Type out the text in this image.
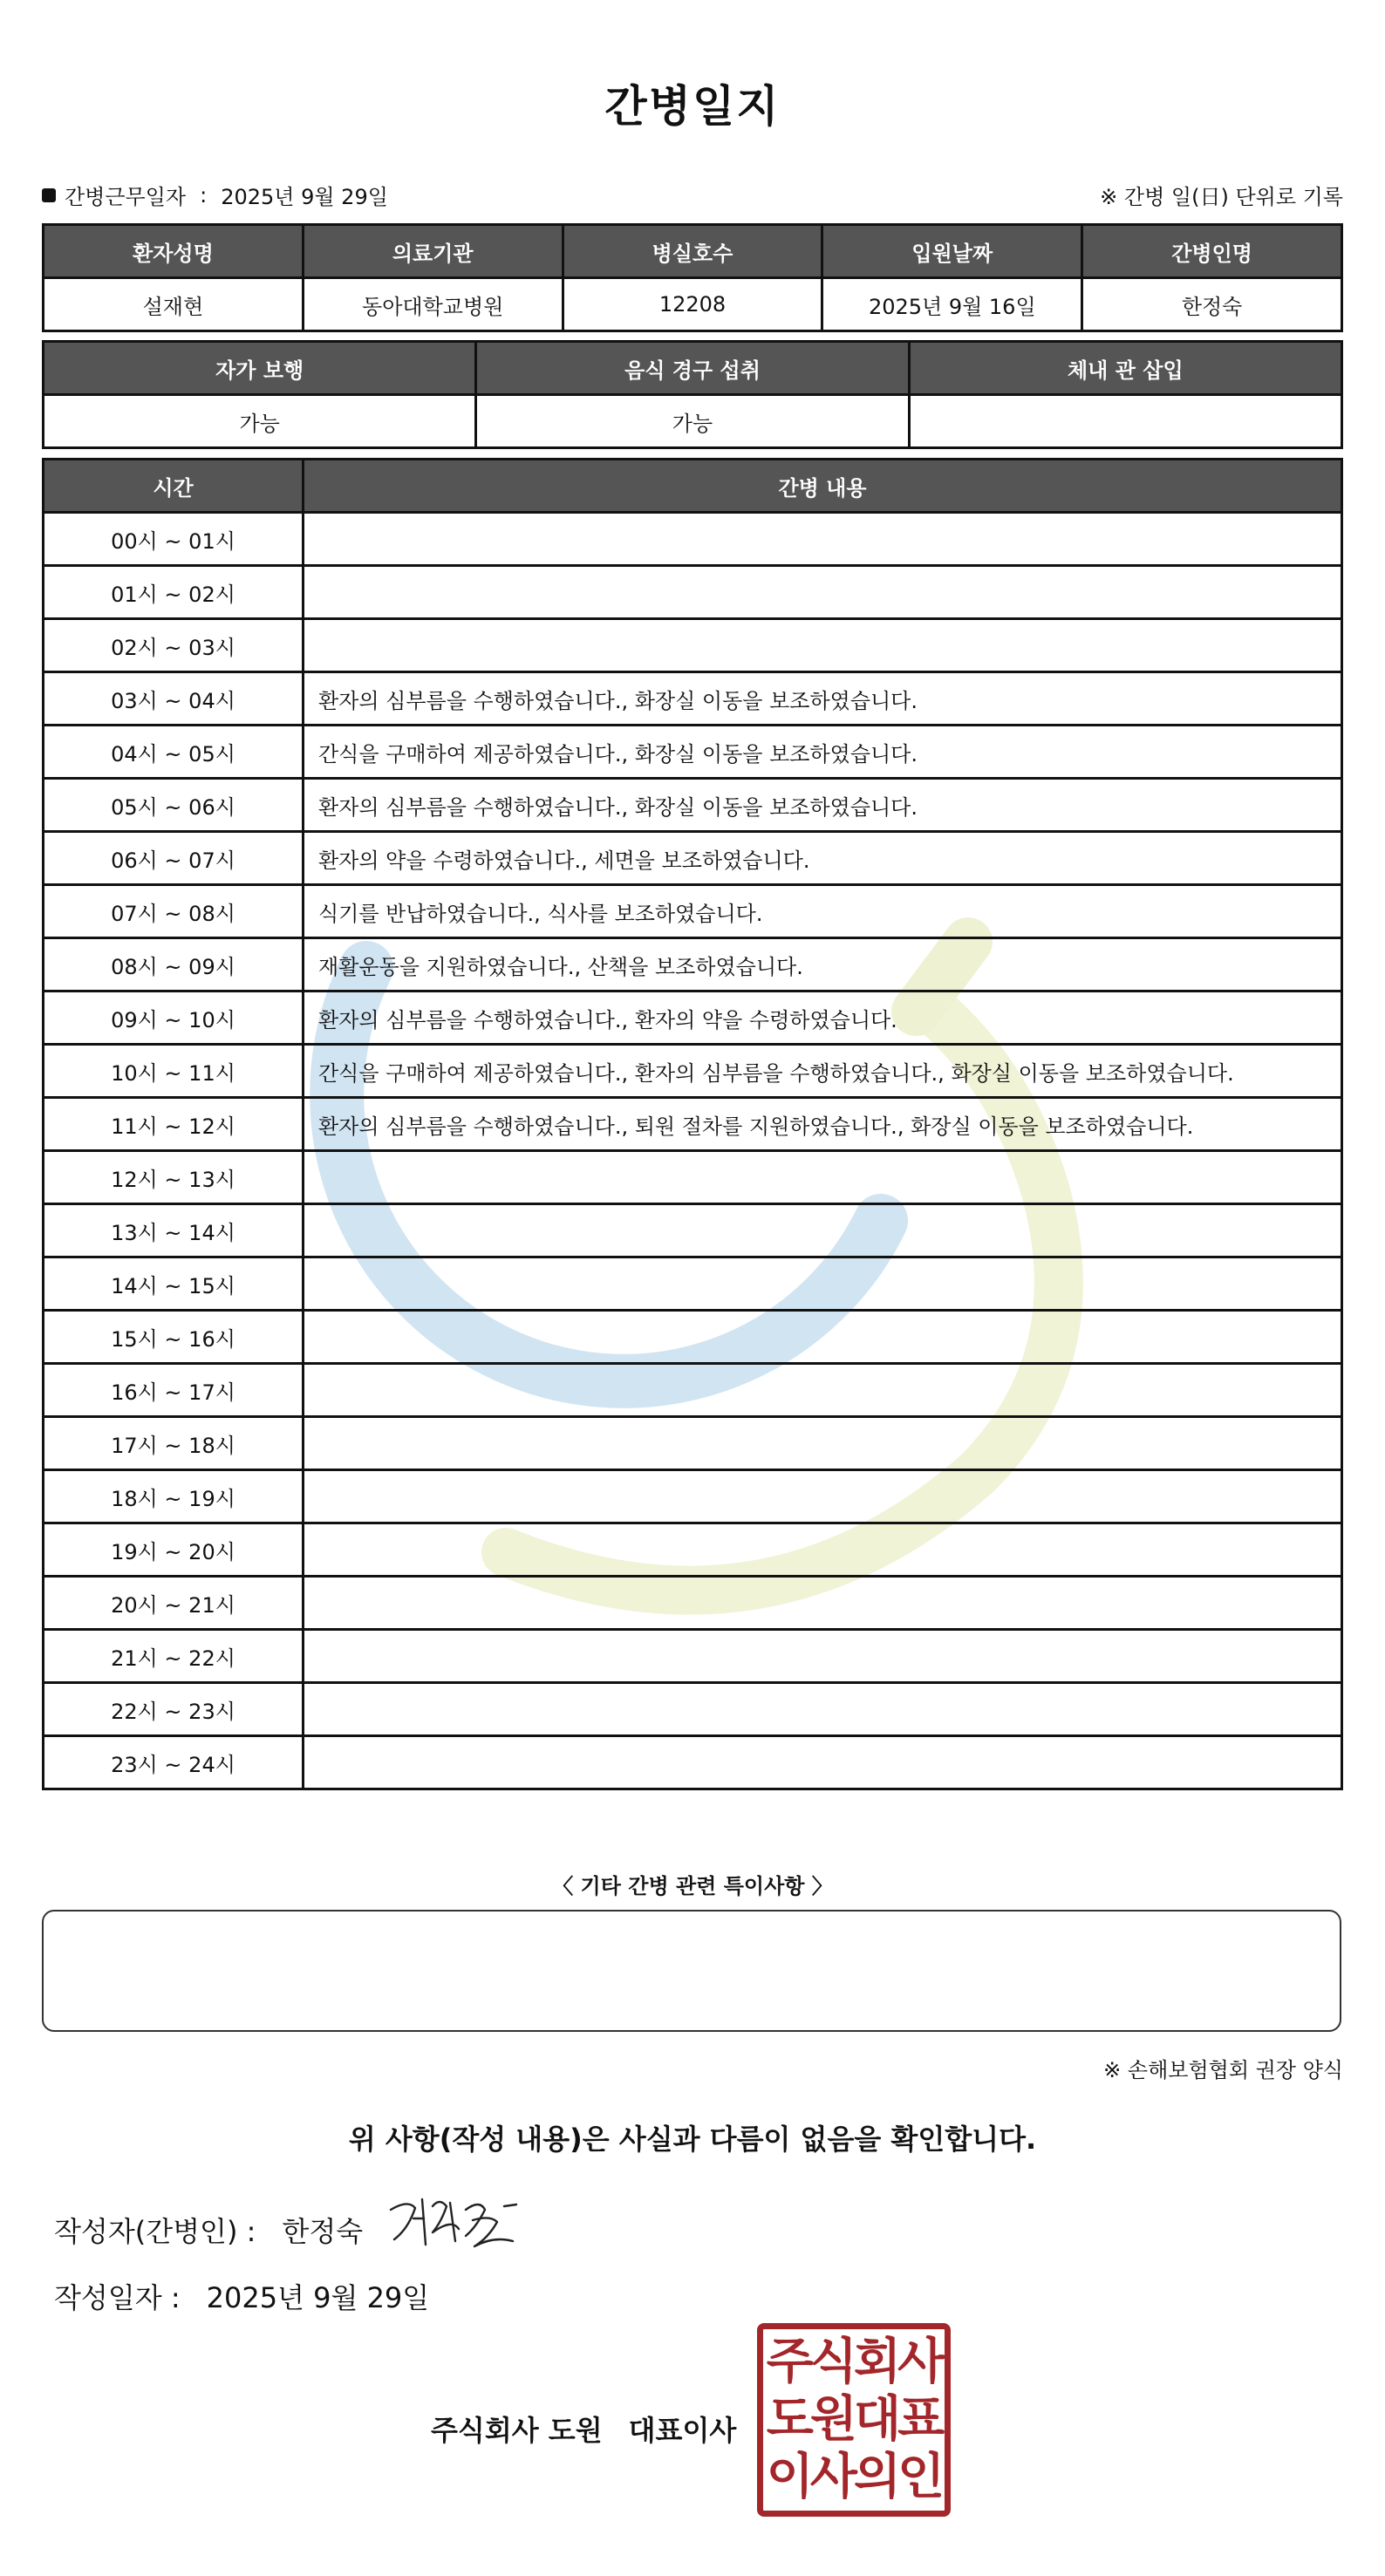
간병일지
간병근무일자 : 2025년 9월 29일	※ 간병 일(日) 단위로 기록
환자성명	의료기관	병실호수	입원날짜	간병인명
설재현	동아대학교병원	12208	2025년 9월 16일	한정숙
자가 보행	음식 경구 섭취	체내 관 삽입
가능	가능	
시간	간병 내용
00시 ~ 01시	
01시 ~ 02시	
02시 ~ 03시	
03시 ~ 04시	환자의 심부름을 수행하였습니다., 화장실 이동을 보조하였습니다.
04시 ~ 05시	간식을 구매하여 제공하였습니다., 화장실 이동을 보조하였습니다.
05시 ~ 06시	환자의 심부름을 수행하였습니다., 화장실 이동을 보조하였습니다.
06시 ~ 07시	환자의 약을 수령하였습니다., 세면을 보조하였습니다.
07시 ~ 08시	식기를 반납하였습니다., 식사를 보조하였습니다.
08시 ~ 09시	재활운동을 지원하였습니다., 산책을 보조하였습니다.
09시 ~ 10시	환자의 심부름을 수행하였습니다., 환자의 약을 수령하였습니다.
10시 ~ 11시	간식을 구매하여 제공하였습니다., 환자의 심부름을 수행하였습니다., 화장실 이동을 보조하였습니다.
11시 ~ 12시	환자의 심부름을 수행하였습니다., 퇴원 절차를 지원하였습니다., 화장실 이동을 보조하였습니다.
12시 ~ 13시	
13시 ~ 14시	
14시 ~ 15시	
15시 ~ 16시	
16시 ~ 17시	
17시 ~ 18시	
18시 ~ 19시	
19시 ~ 20시	
20시 ~ 21시	
21시 ~ 22시	
22시 ~ 23시	
23시 ~ 24시	
〈 기타 간병 관련 특이사항 〉
※ 손해보험협회 권장 양식
위 사항(작성 내용)은 사실과 다름이 없음을 확인합니다.
작성자(간병인) : 한정숙
작성일자 : 2025년 9월 29일
주식회사 도원 대표이사
주식회사
도원대표
이사의인
